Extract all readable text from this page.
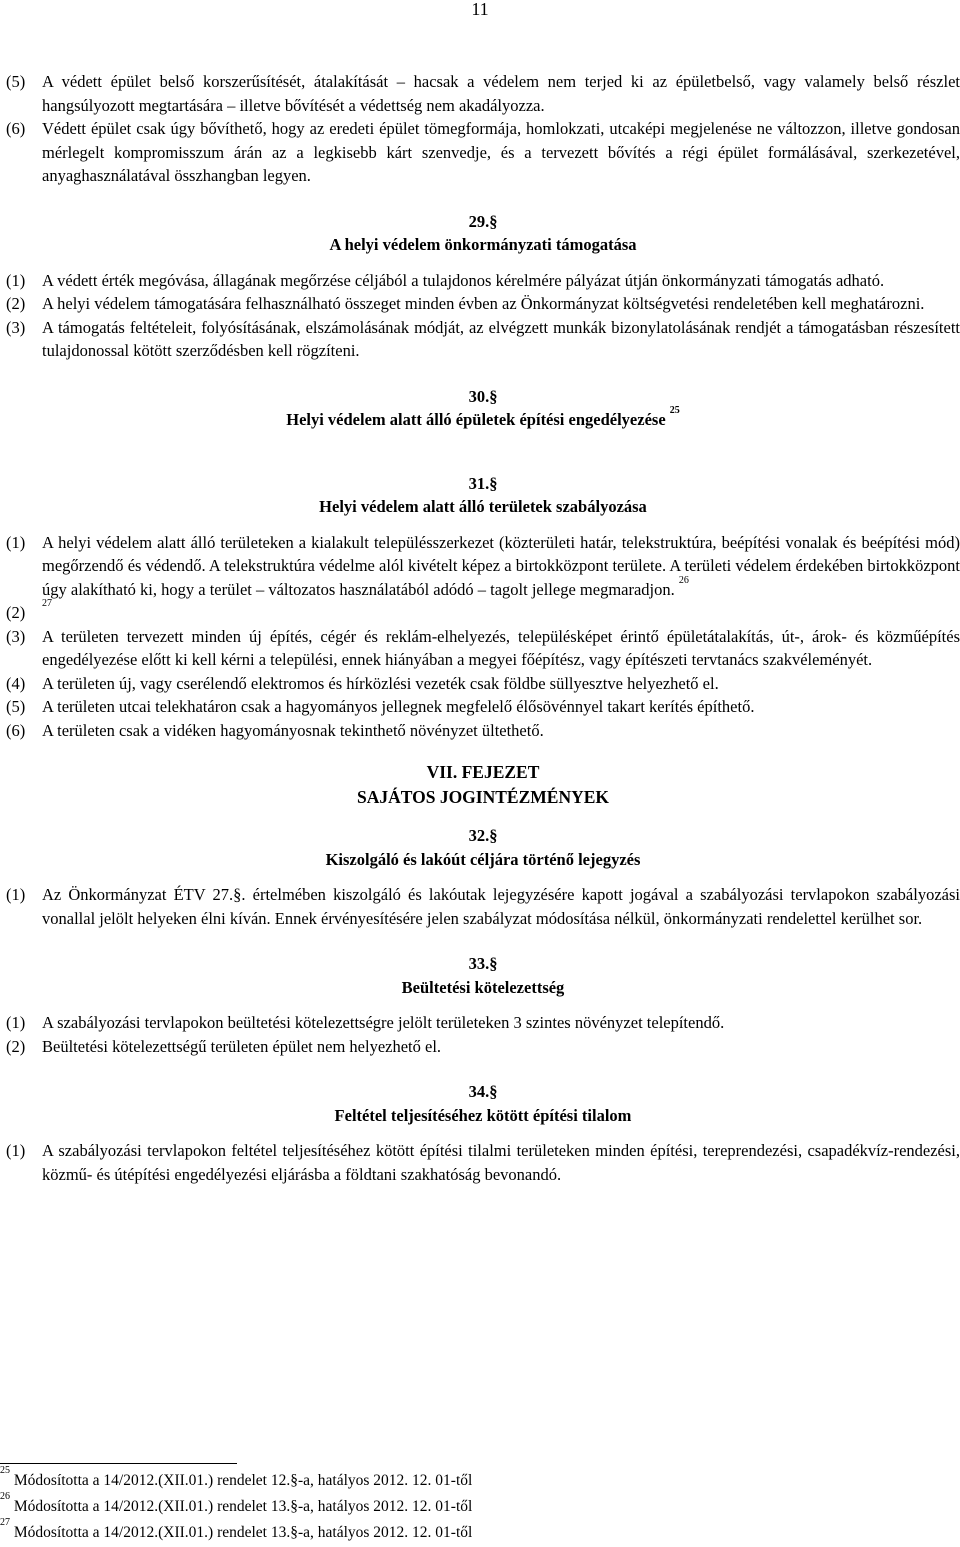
11
(5)	A védett épület belső korszerűsítését, átalakítását – hacsak a védelem nem terjed ki az épületbelső, vagy valamely belső részlet hangsúlyozott megtartására – illetve bővítését a védettség nem akadályozza.
(6)	Védett épület csak úgy bővíthető, hogy az eredeti épület tömegformája, homlokzati, utcaképi megjelenése ne változzon, illetve gondosan mérlegelt kompromisszum árán az a legkisebb kárt szenvedje, és a tervezett bővítés a régi épület formálásával, szerkezetével, anyaghasználatával összhangban legyen.
29.§
A helyi védelem önkormányzati támogatása
(1)	A védett érték megóvása, állagának megőrzése céljából a tulajdonos kérelmére pályázat útján önkormányzati támogatás adható.
(2)	A helyi védelem támogatására felhasználható összeget minden évben az Önkormányzat költségvetési rendeletében kell meghatározni.
(3)	A támogatás feltételeit, folyósításának, elszámolásának módját, az elvégzett munkák bizonylatolásának rendjét a támogatásban részesített tulajdonossal kötött szerződésben kell rögzíteni.
30.§
Helyi védelem alatt álló épületek építési engedélyezése $^{25}$
31.§
Helyi védelem alatt álló területek szabályozása
(1)	A helyi védelem alatt álló területeken a kialakult településszerkezet (közterületi határ, telekstruktúra, beépítési vonalak és beépítési mód) megőrzendő és védendő. A telekstruktúra védelme alól kivételt képez a birtokközpont területe. A területi védelem érdekében birtokközpont úgy alakítható ki, hogy a terület – változatos használatából adódó – tagolt jellege megmaradjon. $^{26}$
(2)	$^{27}$
(3)	A területen tervezett minden új építés, cégér és reklám-elhelyezés, településképet érintő épületátalakítás, út-, árok- és közműépítés engedélyezése előtt ki kell kérni a települési, ennek hiányában a megyei főépítész, vagy építészeti tervtanács szakvéleményét.
(4)	A területen új, vagy cserélendő elektromos és hírközlési vezeték csak földbe süllyesztve helyezhető el.
(5)	A területen utcai telekhatáron csak a hagyományos jellegnek megfelelő élősövénnyel takart kerítés építhető.
(6)	A területen csak a vidéken hagyományosnak tekinthető növényzet ültethető.
VII. FEJEZET
SAJÁTOS JOGINTÉZMÉNYEK
32.§
Kiszolgáló és lakóút céljára történő lejegyzés
(1)	Az Önkormányzat ÉTV 27.§. értelmében kiszolgáló és lakóutak lejegyzésére kapott jogával a szabályozási tervlapokon szabályozási vonallal jelölt helyeken élni kíván. Ennek érvényesítésére jelen szabályzat módosítása nélkül, önkormányzati rendelettel kerülhet sor.
33.§
Beültetési kötelezettség
(1)	A szabályozási tervlapokon beültetési kötelezettségre jelölt területeken 3 szintes növényzet telepítendő.
(2)	Beültetési kötelezettségű területen épület nem helyezhető el.
34.§
Feltétel teljesítéséhez kötött építési tilalom
(1)	A szabályozási tervlapokon feltétel teljesítéséhez kötött építési tilalmi területeken minden építési, tereprendezési, csapadékvíz-rendezési, közmű- és útépítési engedélyezési eljárásba a földtani szakhatóság bevonandó.
$^{25}$ Módosította a 14/2012.(XII.01.) rendelet 12.§-a, hatályos 2012. 12. 01-től
$^{26}$ Módosította a 14/2012.(XII.01.) rendelet 13.§-a, hatályos 2012. 12. 01-től
$^{27}$ Módosította a 14/2012.(XII.01.) rendelet 13.§-a, hatályos 2012. 12. 01-től
